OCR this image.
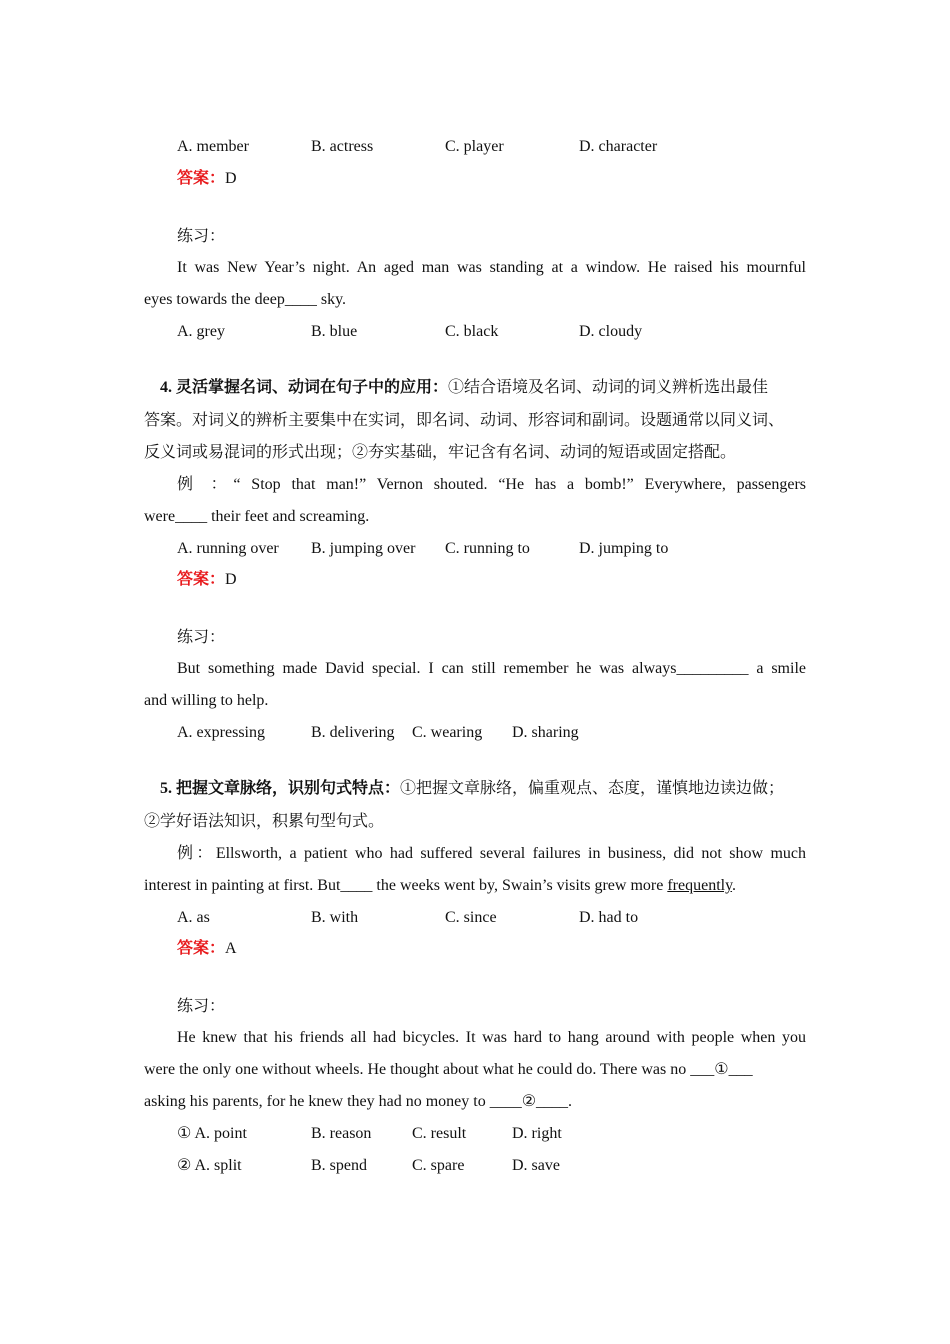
A. member	B. actress	C. player	D. character
答案：D
练习：
It was New Year’s night. An aged man was standing at a window. He raised his mournful
eyes towards the deep____ sky.
A. grey	B. blue	C. black	D. cloudy
4. 灵活掌握名词、动词在句子中的应用：①结合语境及名词、动词的词义辨析选出最佳
答案。对词义的辨析主要集中在实词，即名词、动词、形容词和副词。设题通常以同义词、
反义词或易混词的形式出现；②夯实基础，牢记含有名词、动词的短语或固定搭配。
例 ：“ Stop that man!” Vernon shouted. “He has a bomb!” Everywhere, passengers
were____ their feet and screaming.
A. running over B. jumping over C. running to	D. jumping to
答案：D
练习：
But something made David special. I can still remember he was always_________ a smile
and willing to help.
A. expressing	B. delivering C. wearing D. sharing
5. 把握文章脉络，识别句式特点：①把握文章脉络，偏重观点、态度，谨慎地边读边做；
②学好语法知识，积累句型句式。
例：Ellsworth, a patient who had suffered several failures in business, did not show much
interest in painting at first. But____ the weeks went by, Swain’s visits grew more frequently.
A. as	B. with	C. since	D. had to
答案：A
练习：
He knew that his friends all had bicycles. It was hard to hang around with people when you
were the only one without wheels. He thought about what he could do. There was no ___①___
asking his parents, for he knew they had no money to ____②____.
① A. point	B. reason	C. result	D. right
② A. split	B. spend	C. spare	D. save
